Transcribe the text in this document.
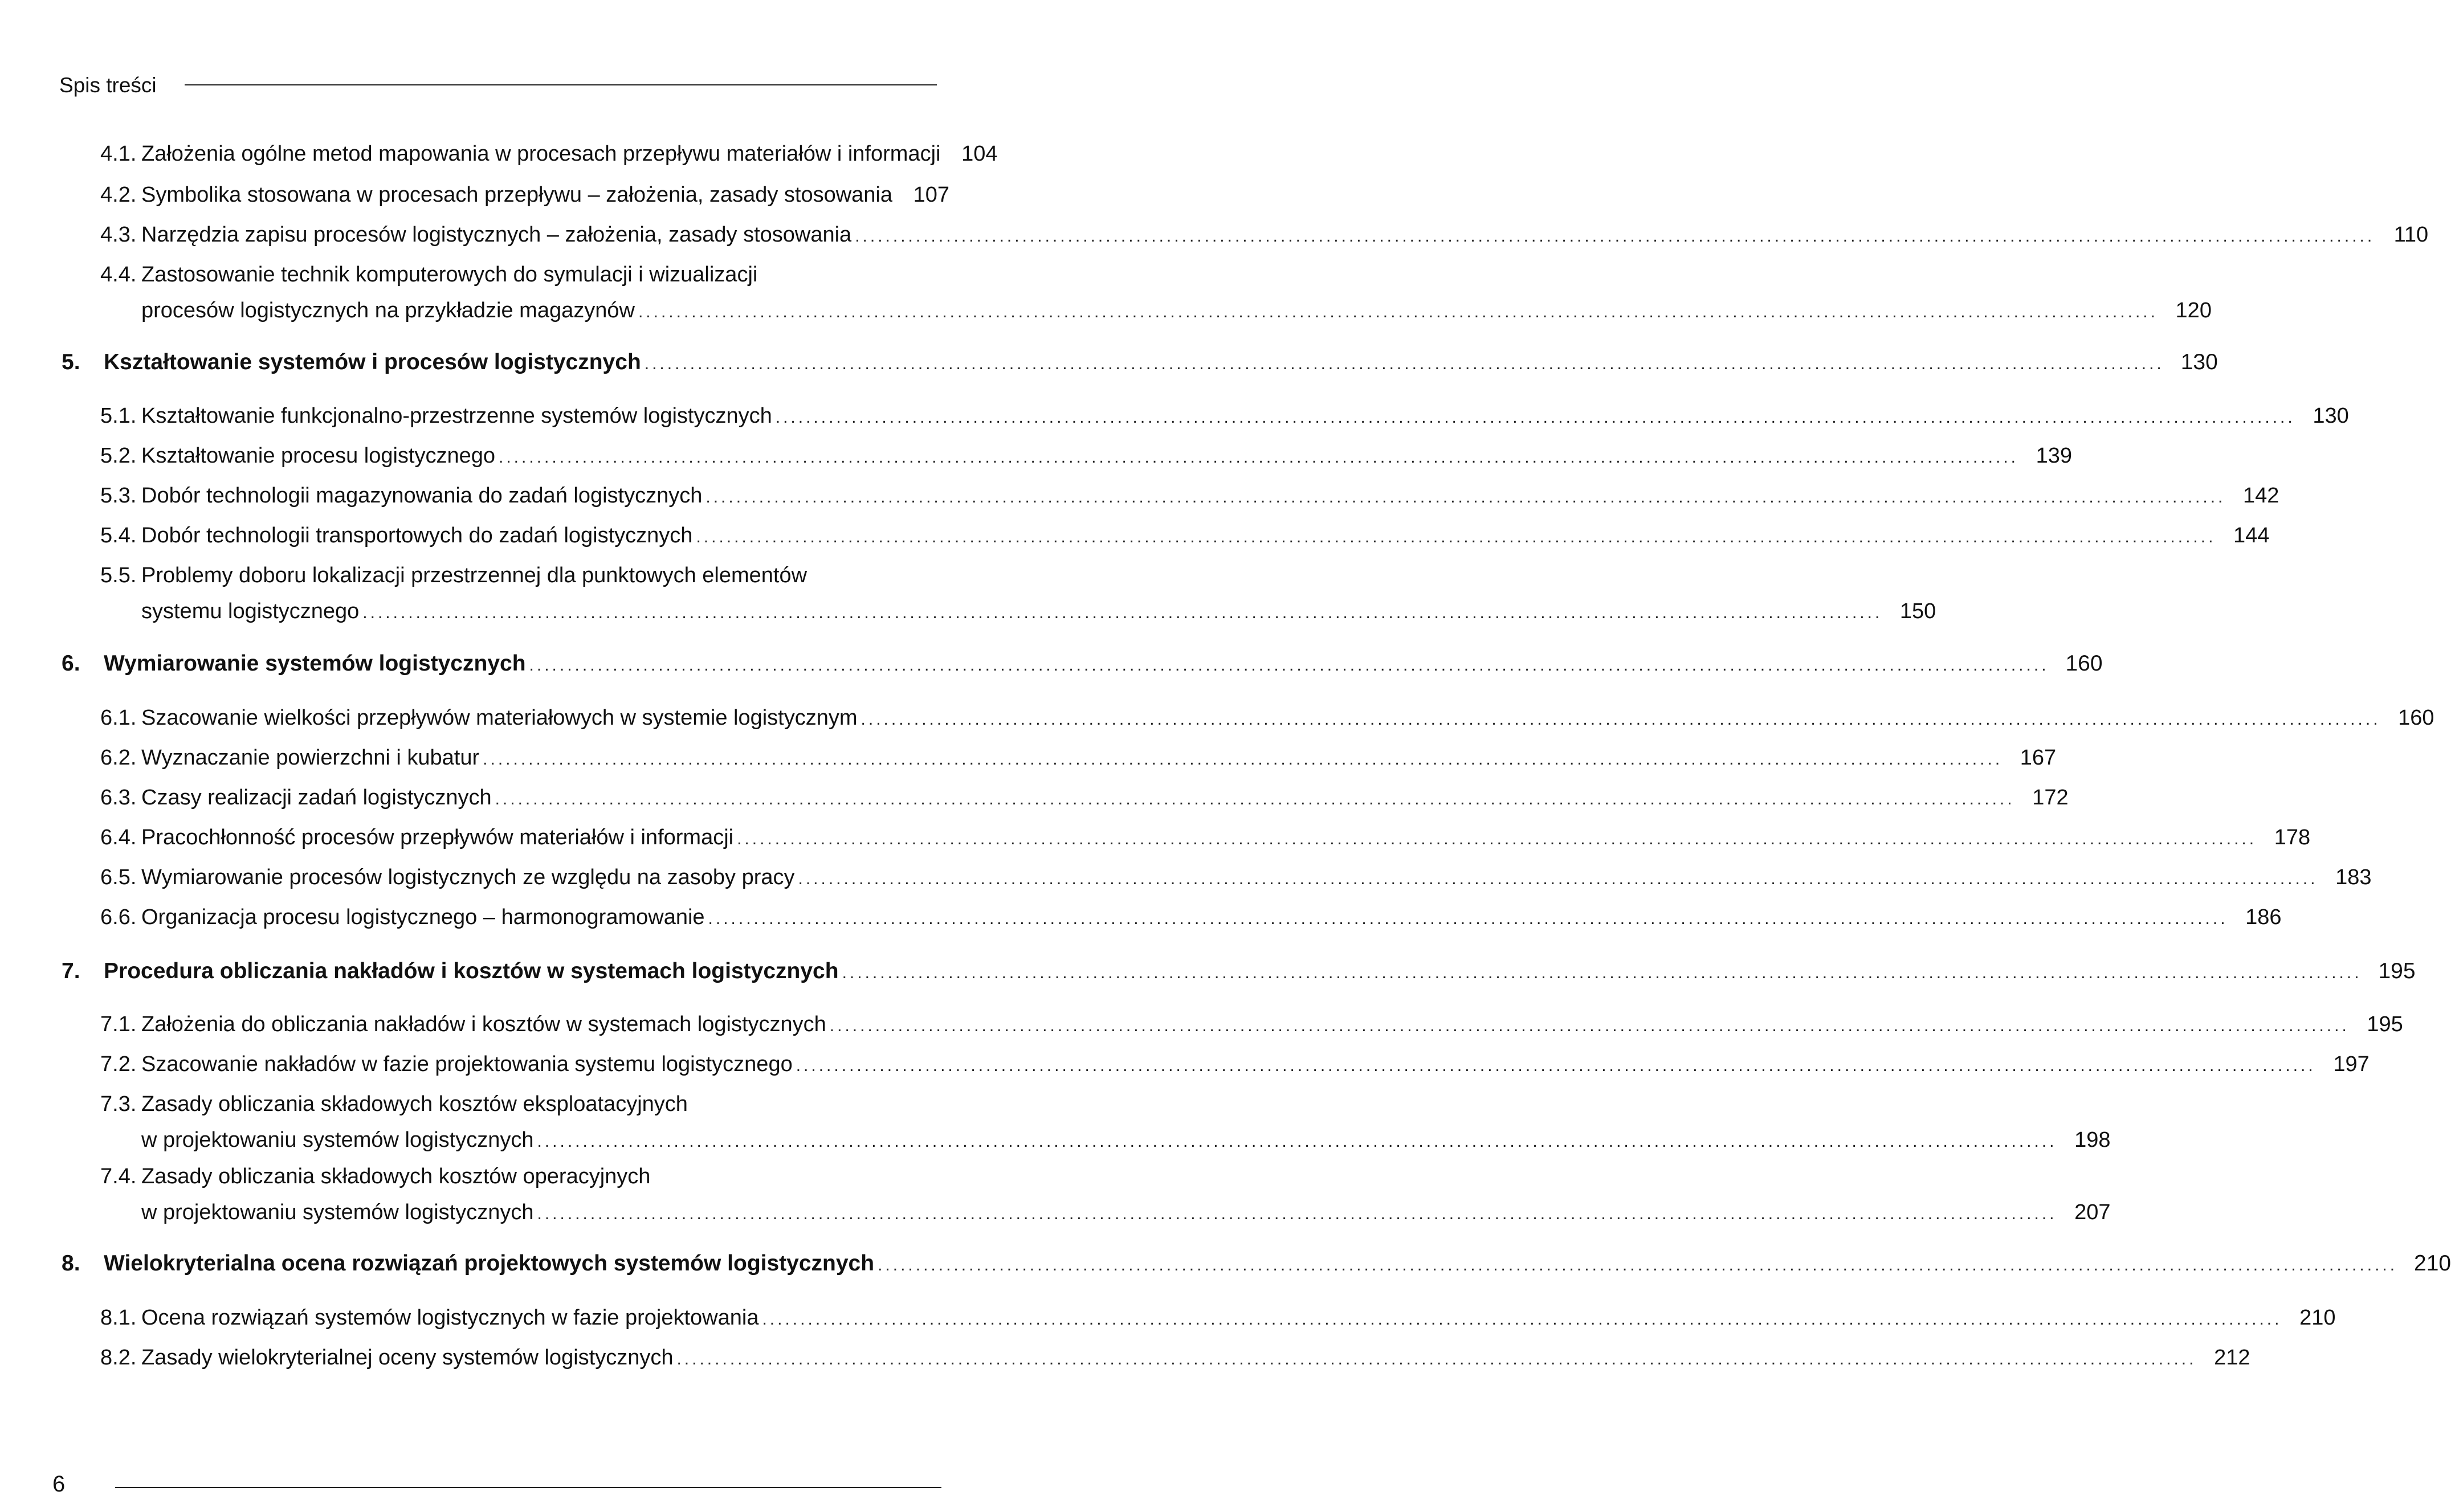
Spis treści
4.1. Założenia ogólne metod mapowania w procesach przepływu materiałów i informacji 104
4.2. Symbolika stosowana w procesach przepływu – założenia, zasady stosowania 107
4.3. Narzędzia zapisu procesów logistycznych – założenia, zasady stosowania .....	110
4.4. Zastosowanie technik komputerowych do symulacji i wizualizacji
procesów logistycznych na przykładzie magazynów .....	120
5.	Kształtowanie systemów i procesów logistycznych .....	130
5.1. Kształtowanie funkcjonalno-przestrzenne systemów logistycznych .....	130
5.2. Kształtowanie procesu logistycznego .....	139
5.3. Dobór technologii magazynowania do zadań logistycznych .....	142
5.4. Dobór technologii transportowych do zadań logistycznych .....	144
5.5. Problemy doboru lokalizacji przestrzennej dla punktowych elementów
systemu logistycznego .....	150
6.	Wymiarowanie systemów logistycznych .....	160
6.1. Szacowanie wielkości przepływów materiałowych w systemie logistycznym .....	160
6.2. Wyznaczanie powierzchni i kubatur .....	167
6.3. Czasy realizacji zadań logistycznych .....	172
6.4. Pracochłonność procesów przepływów materiałów i informacji .....	178
6.5. Wymiarowanie procesów logistycznych ze względu na zasoby pracy .....	183
6.6. Organizacja procesu logistycznego – harmonogramowanie .....	186
7.	Procedura obliczania nakładów i kosztów w systemach logistycznych .....	195
7.1. Założenia do obliczania nakładów i kosztów w systemach logistycznych .....	195
7.2. Szacowanie nakładów w fazie projektowania systemu logistycznego .....	197
7.3. Zasady obliczania składowych kosztów eksploatacyjnych
w projektowaniu systemów logistycznych .....	198
7.4. Zasady obliczania składowych kosztów operacyjnych
w projektowaniu systemów logistycznych .....	207
8.	Wielokryterialna ocena rozwiązań projektowych systemów logistycznych .....	210
8.1. Ocena rozwiązań systemów logistycznych w fazie projektowania .....	210
8.2. Zasady wielokryterialnej oceny systemów logistycznych .....	212
6
